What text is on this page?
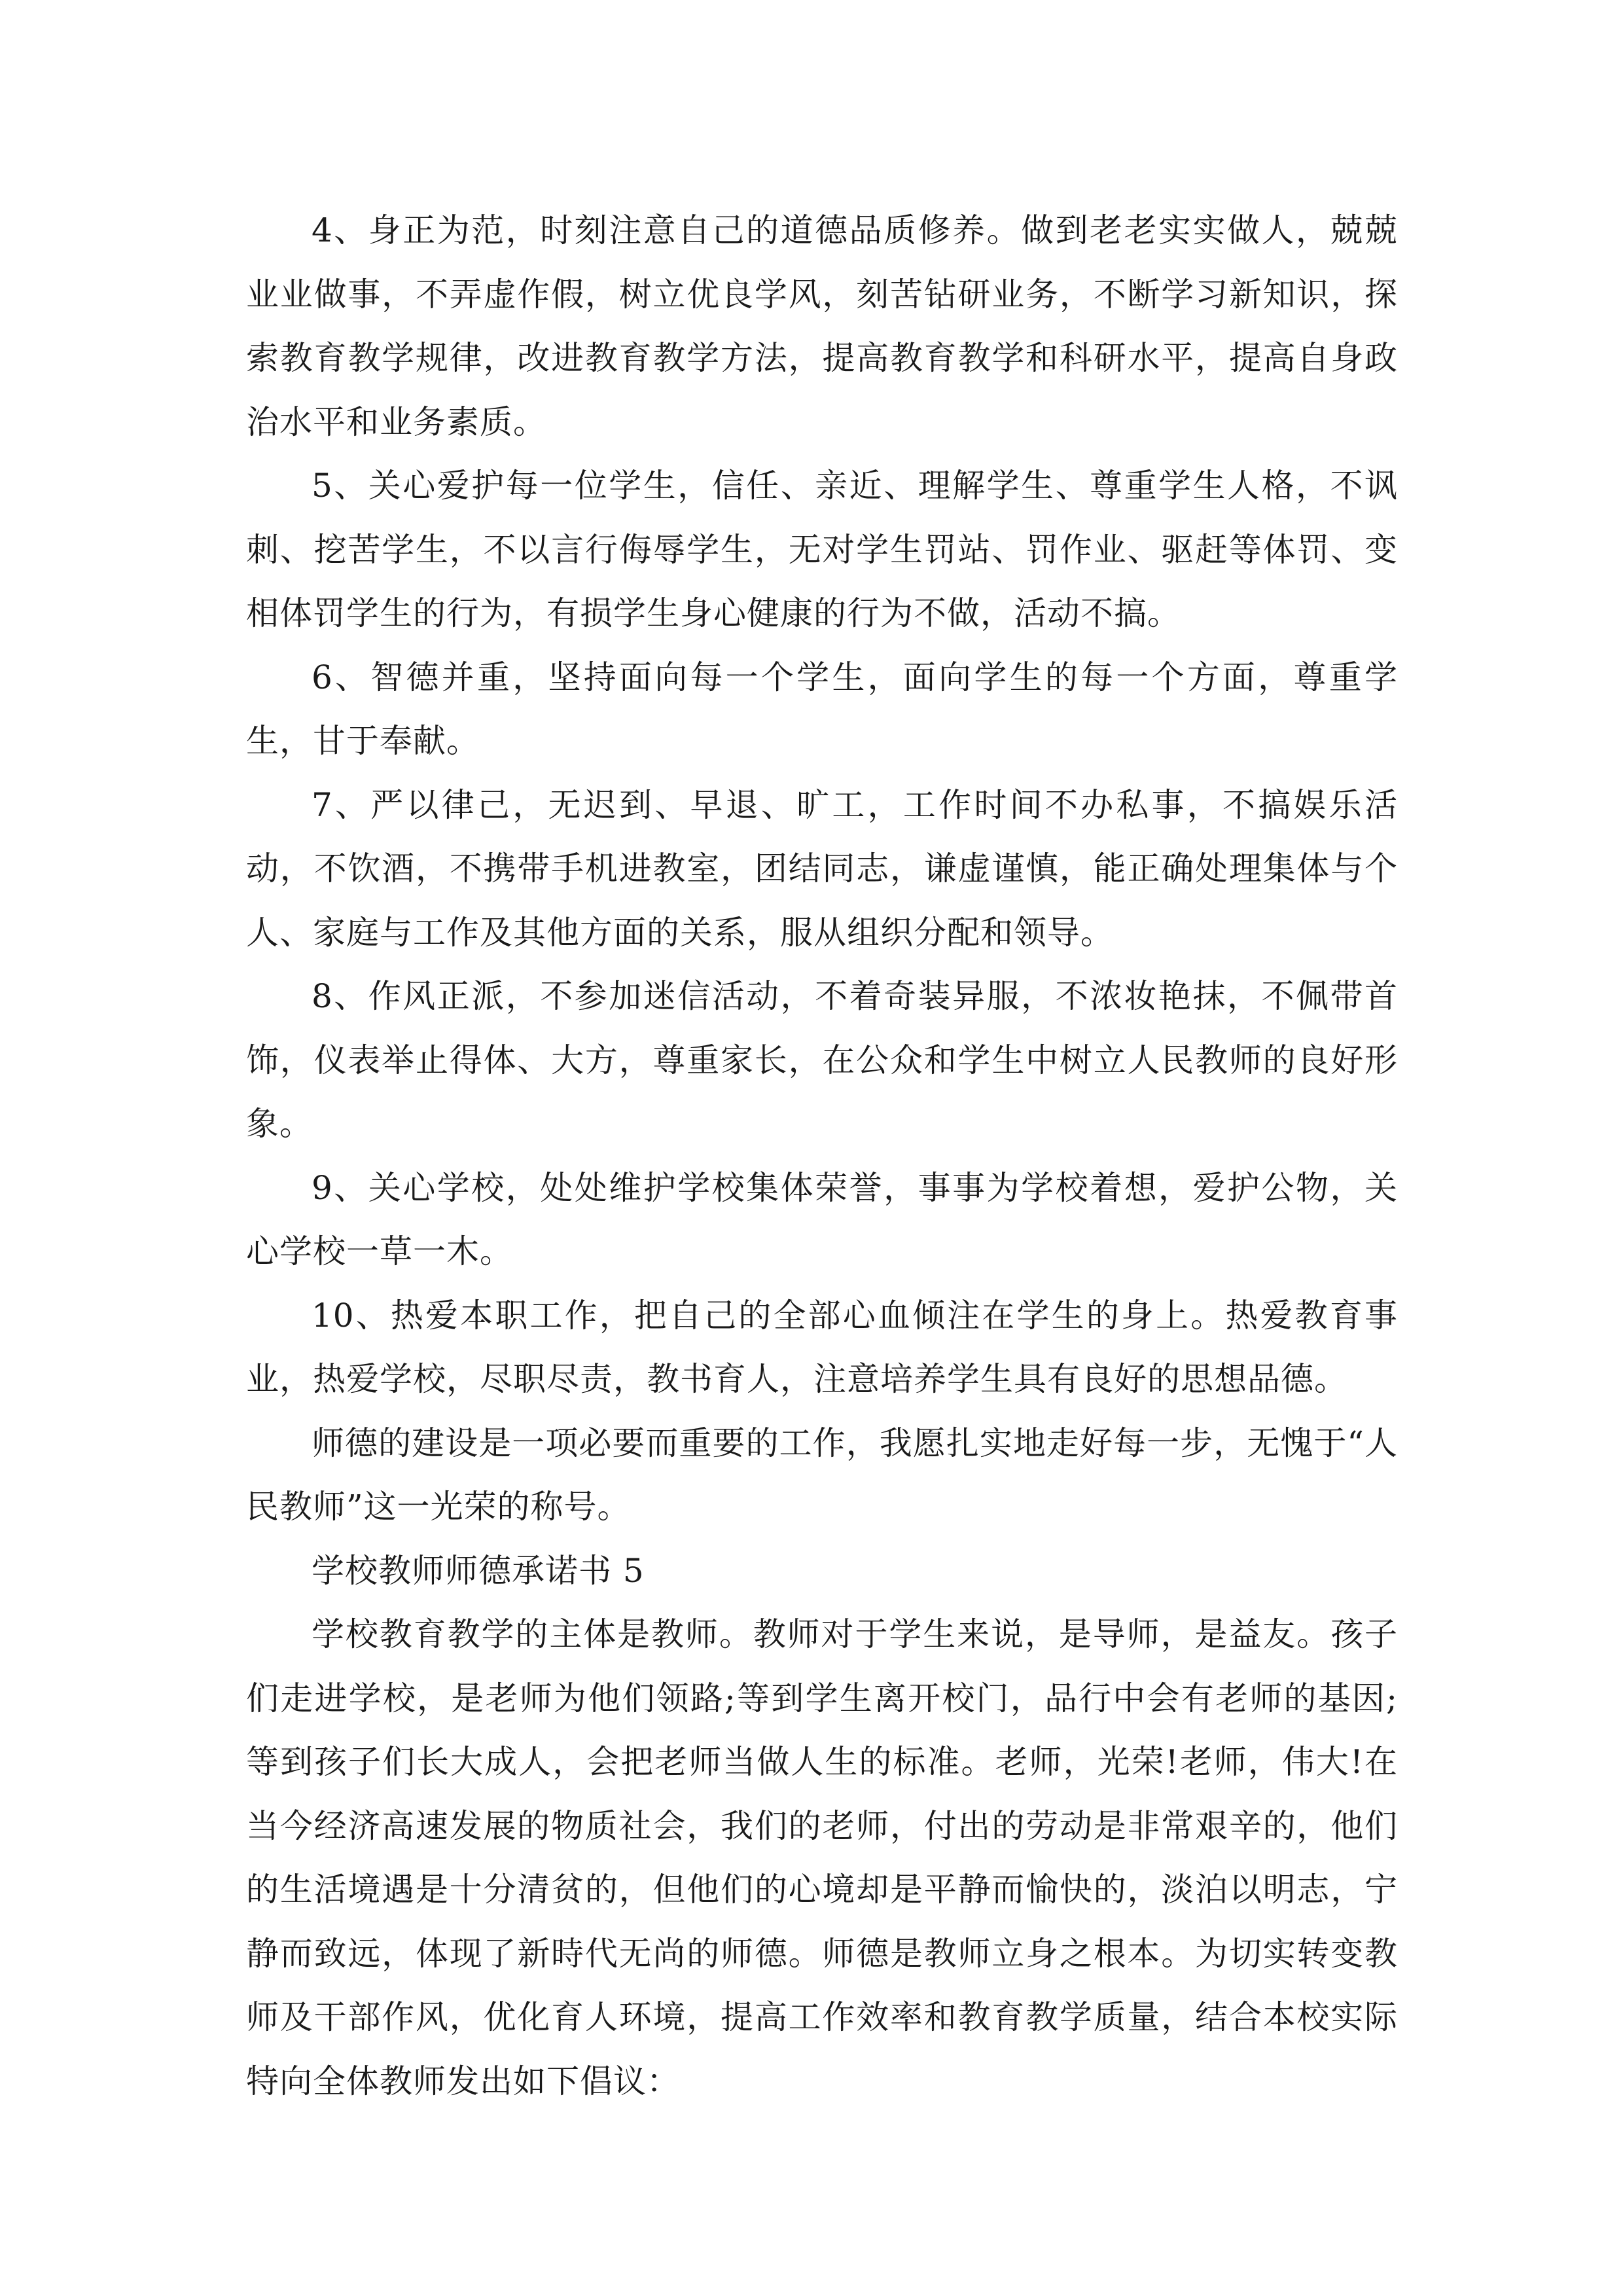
4、身正为范，时刻注意自己的道德品质修养。做到老老实实做人，兢兢业业做事，不弄虚作假，树立优良学风，刻苦钻研业务，不断学习新知识，探索教育教学规律，改进教育教学方法，提高教育教学和科研水平，提高自身政治水平和业务素质。

5、关心爱护每一位学生，信任、亲近、理解学生、尊重学生人格，不讽刺、挖苦学生，不以言行侮辱学生，无对学生罚站、罚作业、驱赶等体罚、变相体罚学生的行为，有损学生身心健康的行为不做，活动不搞。

6、智德并重，坚持面向每一个学生，面向学生的每一个方面，尊重学生，甘于奉献。

7、严以律己，无迟到、早退、旷工，工作时间不办私事，不搞娱乐活动，不饮酒，不携带手机进教室，团结同志，谦虚谨慎，能正确处理集体与个人、家庭与工作及其他方面的关系，服从组织分配和领导。

8、作风正派，不参加迷信活动，不着奇装异服，不浓妆艳抹，不佩带首饰，仪表举止得体、大方，尊重家长，在公众和学生中树立人民教师的良好形象。

9、关心学校，处处维护学校集体荣誉，事事为学校着想，爱护公物，关心学校一草一木。

10、热爱本职工作，把自己的全部心血倾注在学生的身上。热爱教育事业，热爱学校，尽职尽责，教书育人，注意培养学生具有良好的思想品德。

师德的建设是一项必要而重要的工作，我愿扎实地走好每一步，无愧于“人民教师”这一光荣的称号。

学校教师师德承诺书 5

学校教育教学的主体是教师。教师对于学生来说，是导师，是益友。孩子们走进学校，是老师为他们领路;等到学生离开校门，品行中会有老师的基因;等到孩子们长大成人，会把老师当做人生的标准。老师，光荣!老师，伟大!在当今经济高速发展的物质社会，我们的老师，付出的劳动是非常艰辛的，他们的生活境遇是十分清贫的，但他们的心境却是平静而愉快的，淡泊以明志，宁静而致远，体现了新時代无尚的师德。师德是教师立身之根本。为切实转变教师及干部作风，优化育人环境，提高工作效率和教育教学质量，结合本校实际特向全体教师发出如下倡议：
